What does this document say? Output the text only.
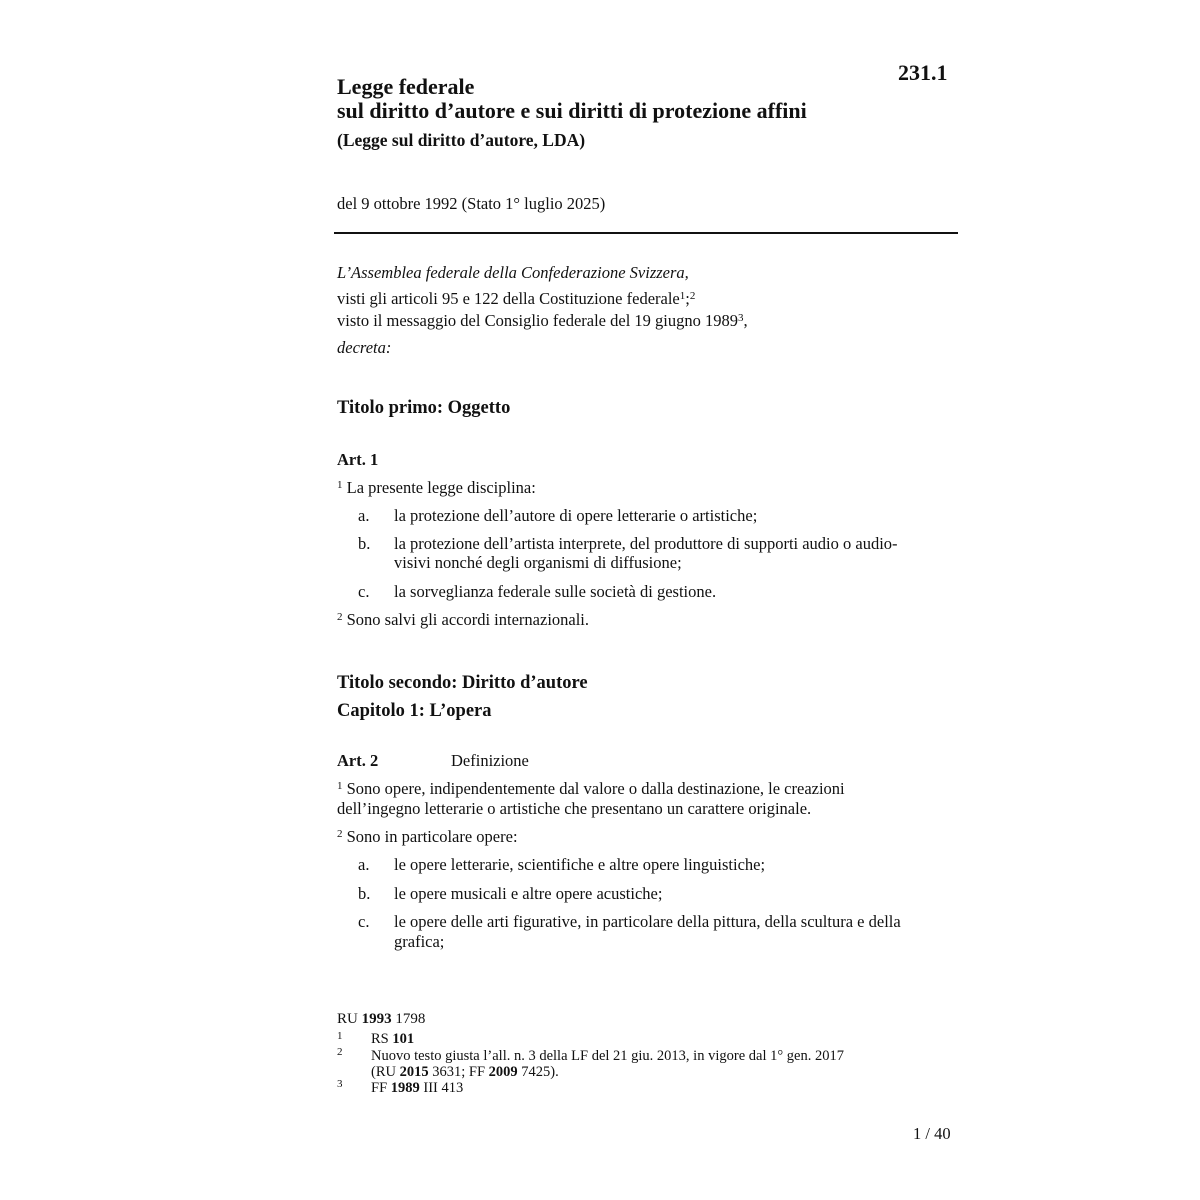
231.1
Legge federale
sul diritto d’autore e sui diritti di protezione affini
(Legge sul diritto d’autore, LDA)
del 9 ottobre 1992 (Stato 1° luglio 2025)
L’Assemblea federale della Confederazione Svizzera,
visti gli articoli 95 e 122 della Costituzione federale$^1$;$^2$
visto il messaggio del Consiglio federale del 19 giugno 1989$^3$,
decreta:
Titolo primo: Oggetto
Art. 1
$^1$ La presente legge disciplina:
a.	la protezione dell’autore di opere letterarie o artistiche;
b.	la protezione dell’artista interprete, del produttore di supporti audio o audio-
visivi nonché degli organismi di diffusione;
c.	la sorveglianza federale sulle società di gestione.
$^2$ Sono salvi gli accordi internazionali.
Titolo secondo: Diritto d’autore
Capitolo 1: L’opera
Art. 2	Definizione
$^1$ Sono opere, indipendentemente dal valore o dalla destinazione, le creazioni
dell’ingegno letterarie o artistiche che presentano un carattere originale.
$^2$ Sono in particolare opere:
a.	le opere letterarie, scientifiche e altre opere linguistiche;
b.	le opere musicali e altre opere acustiche;
c.	le opere delle arti figurative, in particolare della pittura, della scultura e della
grafica;
RU 1993 1798
1 RS 101
2 Nuovo testo giusta l’all. n. 3 della LF del 21 giu. 2013, in vigore dal 1° gen. 2017
(RU 2015 3631; FF 2009 7425).
3 FF 1989 III 413
1 / 40
